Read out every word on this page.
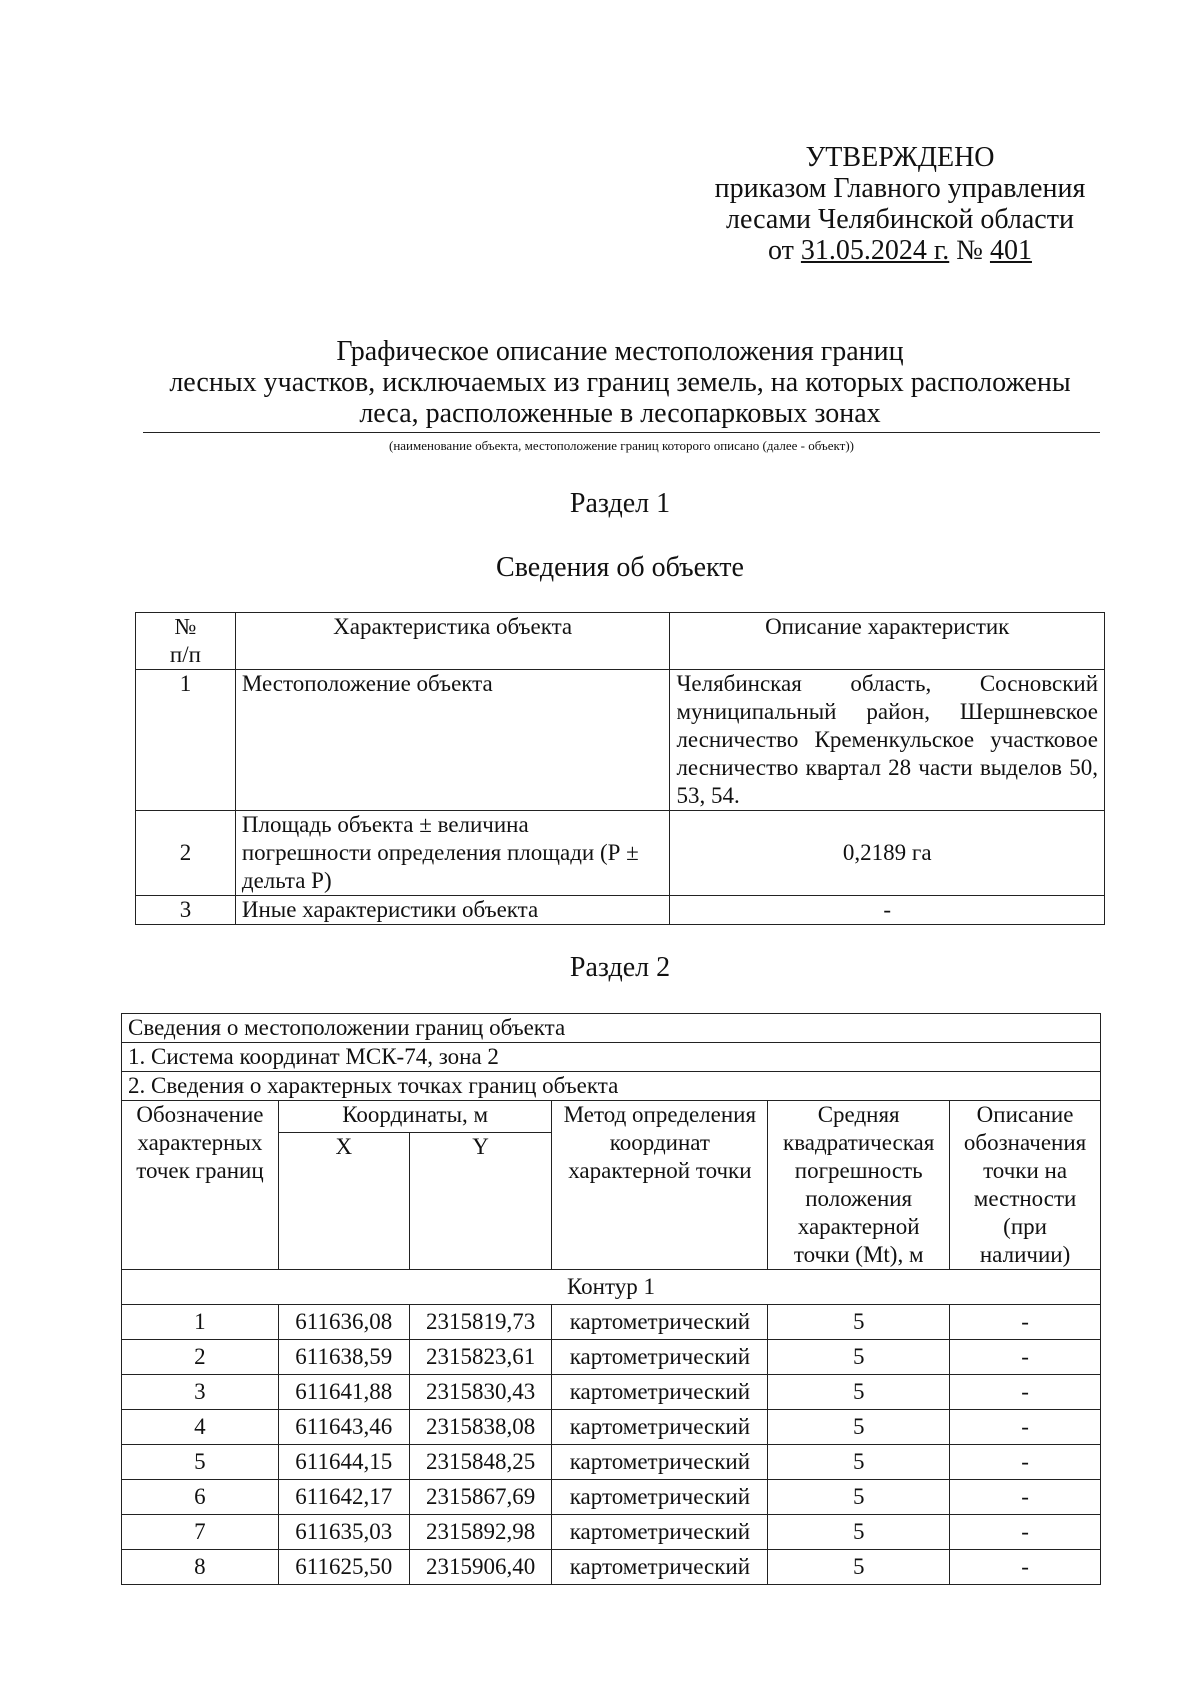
УТВЕРЖДЕНО
приказом Главного управления
лесами Челябинской области
от 31.05.2024 г. № 401
Графическое описание местоположения границ
лесных участков, исключаемых из границ земель, на которых расположены
леса, расположенные в лесопарковых зонах
(наименование объекта, местоположение границ которого описано (далее - объект))
Раздел 1
Сведения об объекте
№
п/п	Характеристика объекта	Описание характеристик
1	Местоположение объекта	Челябинская область, Сосновский муниципальный район, Шершневское лесничество Кременкульское участковое лесничество квартал 28 части выделов 50, 53, 54.
2	Площадь объекта ± величина погрешности определения площади (Р ± дельта Р)	0,2189 га
3	Иные характеристики объекта	-
Раздел 2
Сведения о местоположении границ объекта					
1. Система координат МСК-74, зона 2					
2. Сведения о характерных точках границ объекта					
Обозначение характерных точек границ	Координаты, м		Метод определения координат характерной точки	Средняя квадратическая погрешность положения характерной точки (Mt), м	Описание обозначения точки на местности (при наличии)
	X	Y			
Контур 1					
1	611636,08	2315819,73	картометрический	5	-
2	611638,59	2315823,61	картометрический	5	-
3	611641,88	2315830,43	картометрический	5	-
4	611643,46	2315838,08	картометрический	5	-
5	611644,15	2315848,25	картометрический	5	-
6	611642,17	2315867,69	картометрический	5	-
7	611635,03	2315892,98	картометрический	5	-
8	611625,50	2315906,40	картометрический	5	-
